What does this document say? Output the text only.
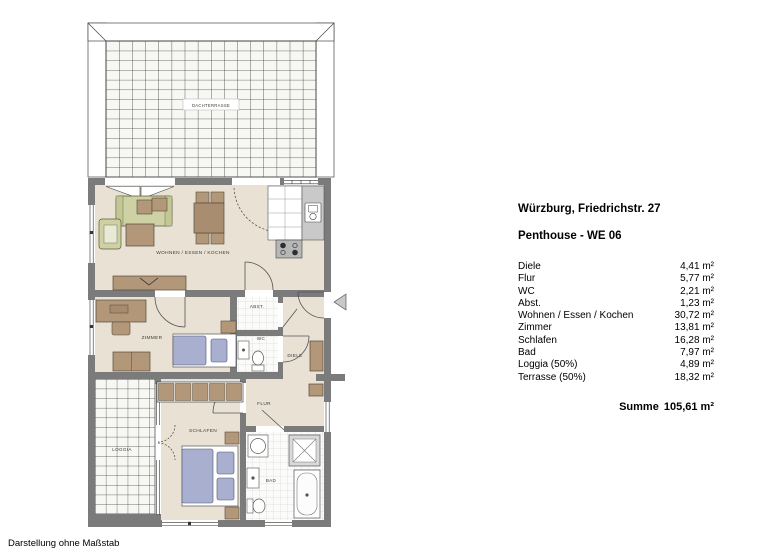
DACHTERRASSE
WOHNEN / ESSEN / KOCHEN
ZIMMER
ABST.
WC
DIELE
LOGGIA
SCHLAFEN
FLUR
BAD
Würzburg, Friedrichstr. 27
Penthouse - WE 06
Diele	4,41 m²
Flur	5,77 m²
WC	2,21 m²
Abst.	1,23 m²
Wohnen / Essen / Kochen	30,72 m²
Zimmer	13,81 m²
Schlafen	16,28 m²
Bad	7,97 m²
Loggia (50%)	4,89 m²
Terrasse (50%)	18,32 m²
Summe 105,61 m²
Darstellung ohne Maßstab
